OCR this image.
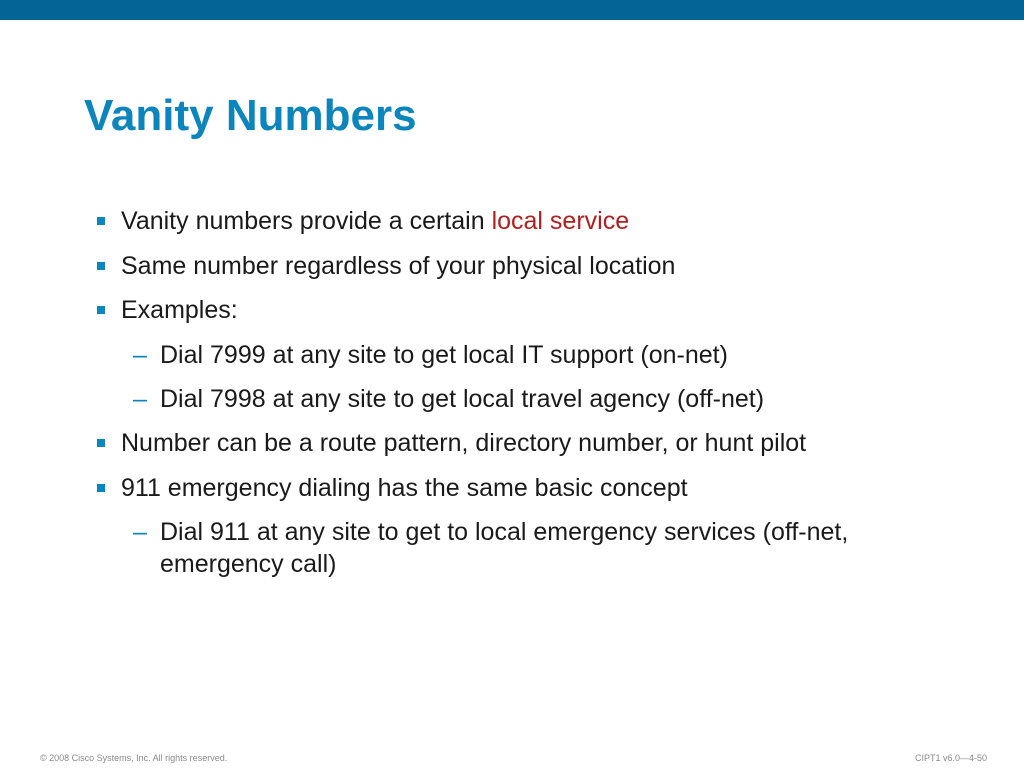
Vanity Numbers
Vanity numbers provide a certain local service
Same number regardless of your physical location
Examples:
– Dial 7999 at any site to get local IT support (on-net)
– Dial 7998 at any site to get local travel agency (off-net)
Number can be a route pattern, directory number, or hunt pilot
911 emergency dialing has the same basic concept
– Dial 911 at any site to get to local emergency services (off-net,
emergency call)
© 2008 Cisco Systems, Inc. All rights reserved.	CIPT1 v6.0—4-50
